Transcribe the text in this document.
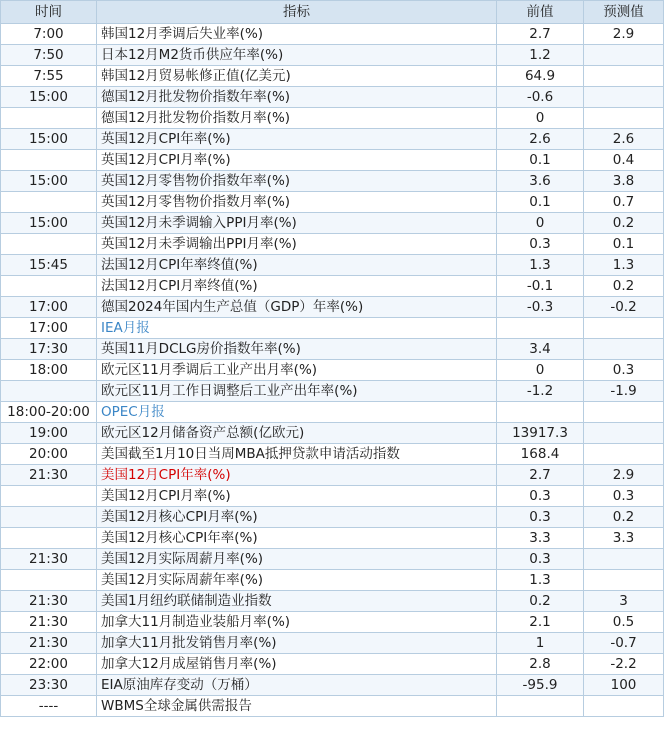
时间	指标	前值	预测值
7:00	韩国12月季调后失业率(%)	2.7	2.9
7:50	日本12月M2货币供应年率(%)	1.2	
7:55	韩国12月贸易帐修正值(亿美元)	64.9	
15:00	德国12月批发物价指数年率(%)	-0.6	
	德国12月批发物价指数月率(%)	0	
15:00	英国12月CPI年率(%)	2.6	2.6
	英国12月CPI月率(%)	0.1	0.4
15:00	英国12月零售物价指数年率(%)	3.6	3.8
	英国12月零售物价指数月率(%)	0.1	0.7
15:00	英国12月未季调输入PPI月率(%)	0	0.2
	英国12月未季调输出PPI月率(%)	0.3	0.1
15:45	法国12月CPI年率终值(%)	1.3	1.3
	法国12月CPI月率终值(%)	-0.1	0.2
17:00	德国2024年国内生产总值（GDP）年率(%)	-0.3	-0.2
17:00	IEA月报		
17:30	英国11月DCLG房价指数年率(%)	3.4	
18:00	欧元区11月季调后工业产出月率(%)	0	0.3
	欧元区11月工作日调整后工业产出年率(%)	-1.2	-1.9
18:00-20:00	OPEC月报		
19:00	欧元区12月储备资产总额(亿欧元)	13917.3	
20:00	美国截至1月10日当周MBA抵押贷款申请活动指数	168.4	
21:30	美国12月CPI年率(%)	2.7	2.9
	美国12月CPI月率(%)	0.3	0.3
	美国12月核心CPI月率(%)	0.3	0.2
	美国12月核心CPI年率(%)	3.3	3.3
21:30	美国12月实际周薪月率(%)	0.3	
	美国12月实际周薪年率(%)	1.3	
21:30	美国1月纽约联储制造业指数	0.2	3
21:30	加拿大11月制造业装船月率(%)	2.1	0.5
21:30	加拿大11月批发销售月率(%)	1	-0.7
22:00	加拿大12月成屋销售月率(%)	2.8	-2.2
23:30	EIA原油库存变动（万桶）	-95.9	100
----	WBMS全球金属供需报告		
